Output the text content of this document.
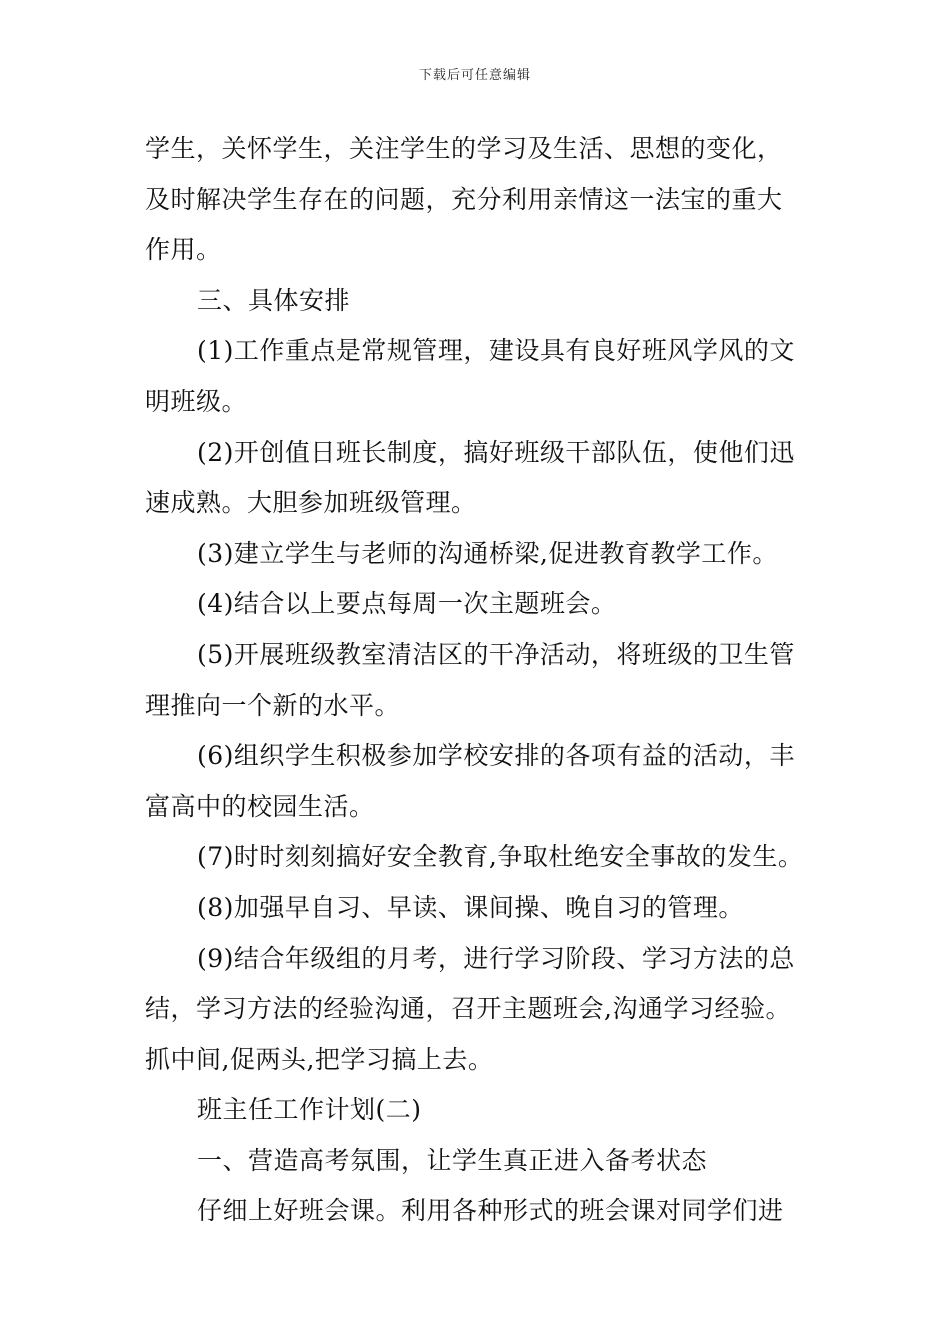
下载后可任意编辑

学生，关怀学生，关注学生的学习及生活、思想的变化，

及时解决学生存在的问题，充分利用亲情这一法宝的重大

作用。

三、具体安排

(1)工作重点是常规管理，建设具有良好班风学风的文

明班级。

(2)开创值日班长制度，搞好班级干部队伍，使他们迅

速成熟。大胆参加班级管理。

(3)建立学生与老师的沟通桥梁,促进教育教学工作。

(4)结合以上要点每周一次主题班会。

(5)开展班级教室清洁区的干净活动，将班级的卫生管

理推向一个新的水平。

(6)组织学生积极参加学校安排的各项有益的活动，丰

富高中的校园生活。

(7)时时刻刻搞好安全教育,争取杜绝安全事故的发生。

(8)加强早自习、早读、课间操、晚自习的管理。

(9)结合年级组的月考，进行学习阶段、学习方法的总

结，学习方法的经验沟通，召开主题班会,沟通学习经验。

抓中间,促两头,把学习搞上去。

班主任工作计划(二)

一、营造高考氛围，让学生真正进入备考状态

仔细上好班会课。利用各种形式的班会课对同学们进
